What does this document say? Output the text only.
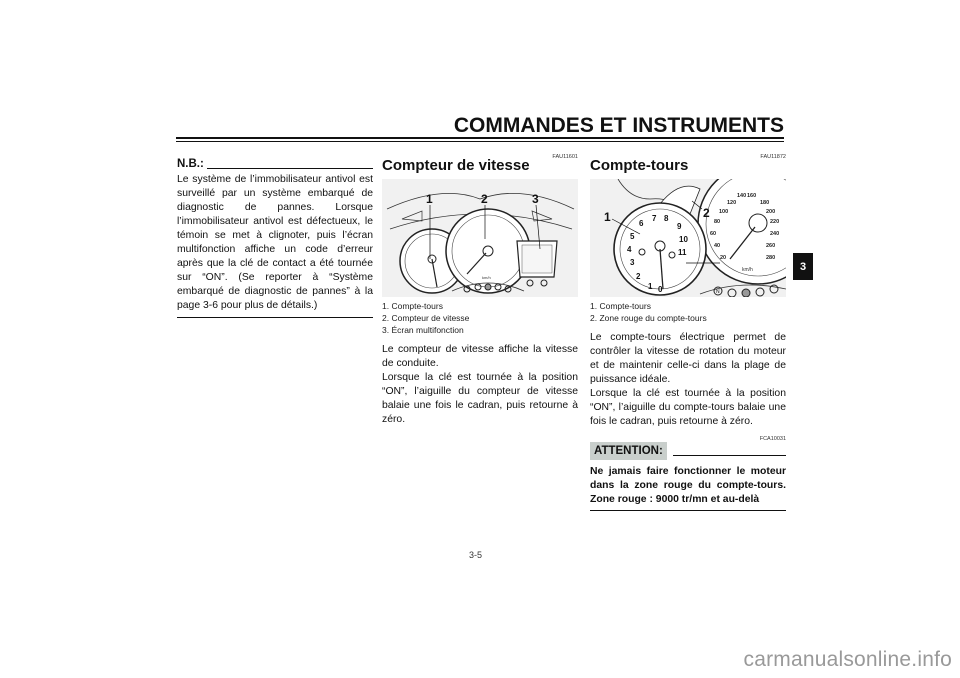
COMMANDES ET INSTRUMENTS
3
N.B.:
Le système de l’immobilisateur antivol est surveillé par un système embarqué de diagnostic de pannes. Lorsque l’immobilisateur antivol est défectueux, le témoin se met à clignoter, puis l’écran multifonction affiche un code d’erreur après que la clé de contact a été tournée sur “ON”. (Se reporter à “Système embarqué de diagnostic de pannes” à la page 3-6 pour plus de détails.)
FAU11601
Compteur de vitesse
km/h
1	2	3
1. Compte-tours
2. Compteur de vitesse
3. Écran multifonction
Le compteur de vitesse affiche la vitesse de conduite.
Lorsque la clé est tournée à la position “ON”, l’aiguille du compteur de vitesse balaie une fois le cadran, puis retourne à zéro.
FAU11872
Compte-tours
20
40
60
80
100
120
140 160
180
200
220
240
260
280
km/h
1
2
3
4
5
6
7 8
9
10
11
0	N
1	2
1. Compte-tours
2. Zone rouge du compte-tours
Le compte-tours électrique permet de contrôler la vitesse de rotation du moteur et de maintenir celle-ci dans la plage de puissance idéale.
Lorsque la clé est tournée à la position “ON”, l’aiguille du compte-tours balaie une fois le cadran, puis retourne à zéro.
FCA10031
ATTENTION:
Ne jamais faire fonctionner le moteur dans la zone rouge du compte-tours. Zone rouge : 9000 tr/mn et au-delà
3-5
carmanualsonline.info
